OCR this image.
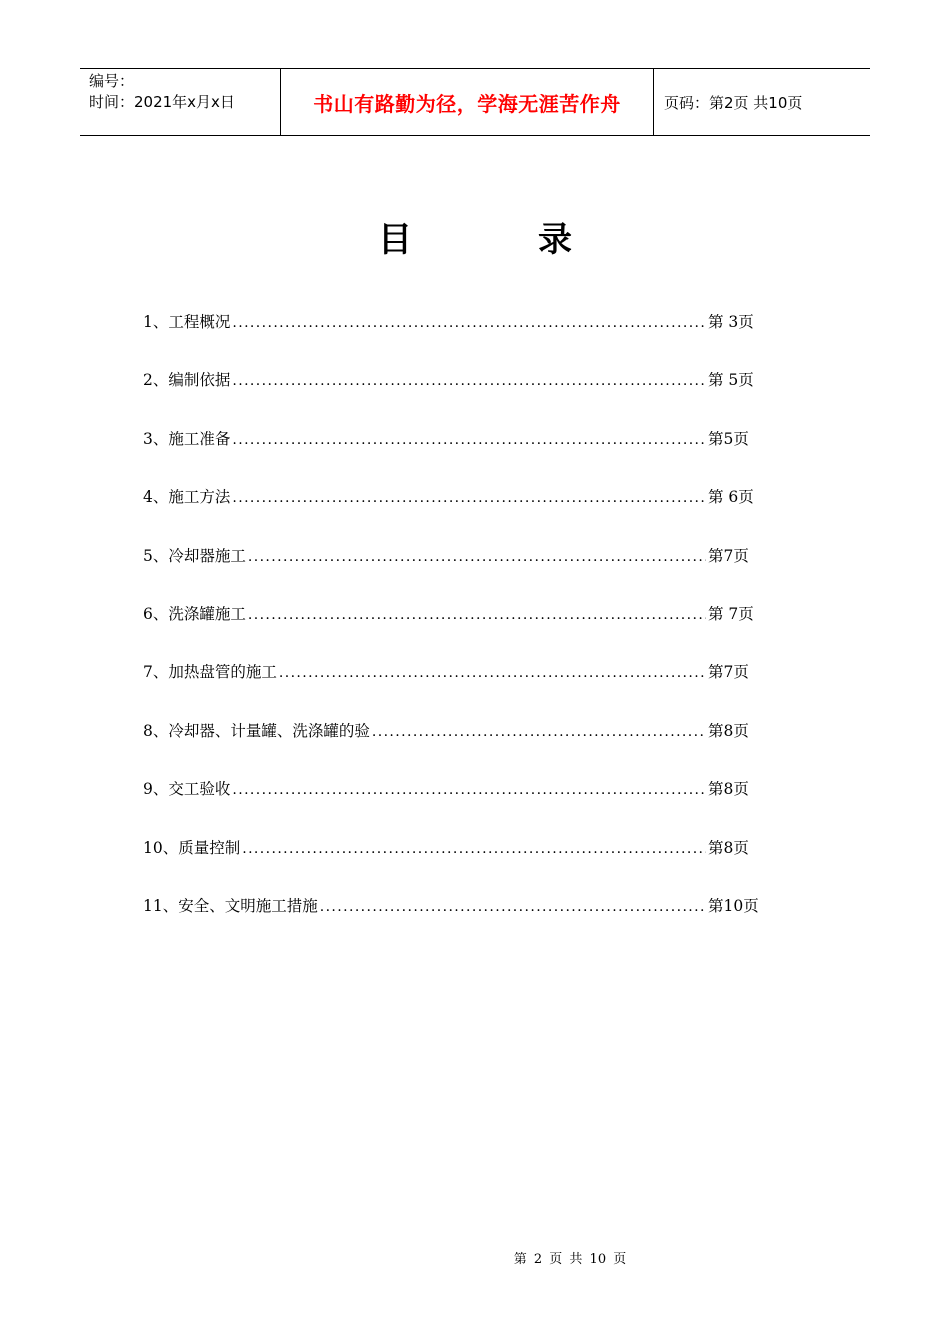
编号：
时间：2021年x月x日	书山有路勤为径，学海无涯苦作舟	页码：第2页 共10页
目	录
1、工程概况 .....	第 3页
2、编制依据 .....	第 5页
3、施工准备 .....	第5页
4、施工方法 .....	第 6页
5、冷却器施工 .....	第7页
6、洗涤罐施工 .....	第 7页
7、加热盘管的施工 .....	第7页
8、冷却器、计量罐、洗涤罐的验 .....	第8页
9、交工验收 .....	第8页
10、质量控制 .....	第8页
11、安全、文明施工措施 .....	第10页
第 2 页 共 10 页
